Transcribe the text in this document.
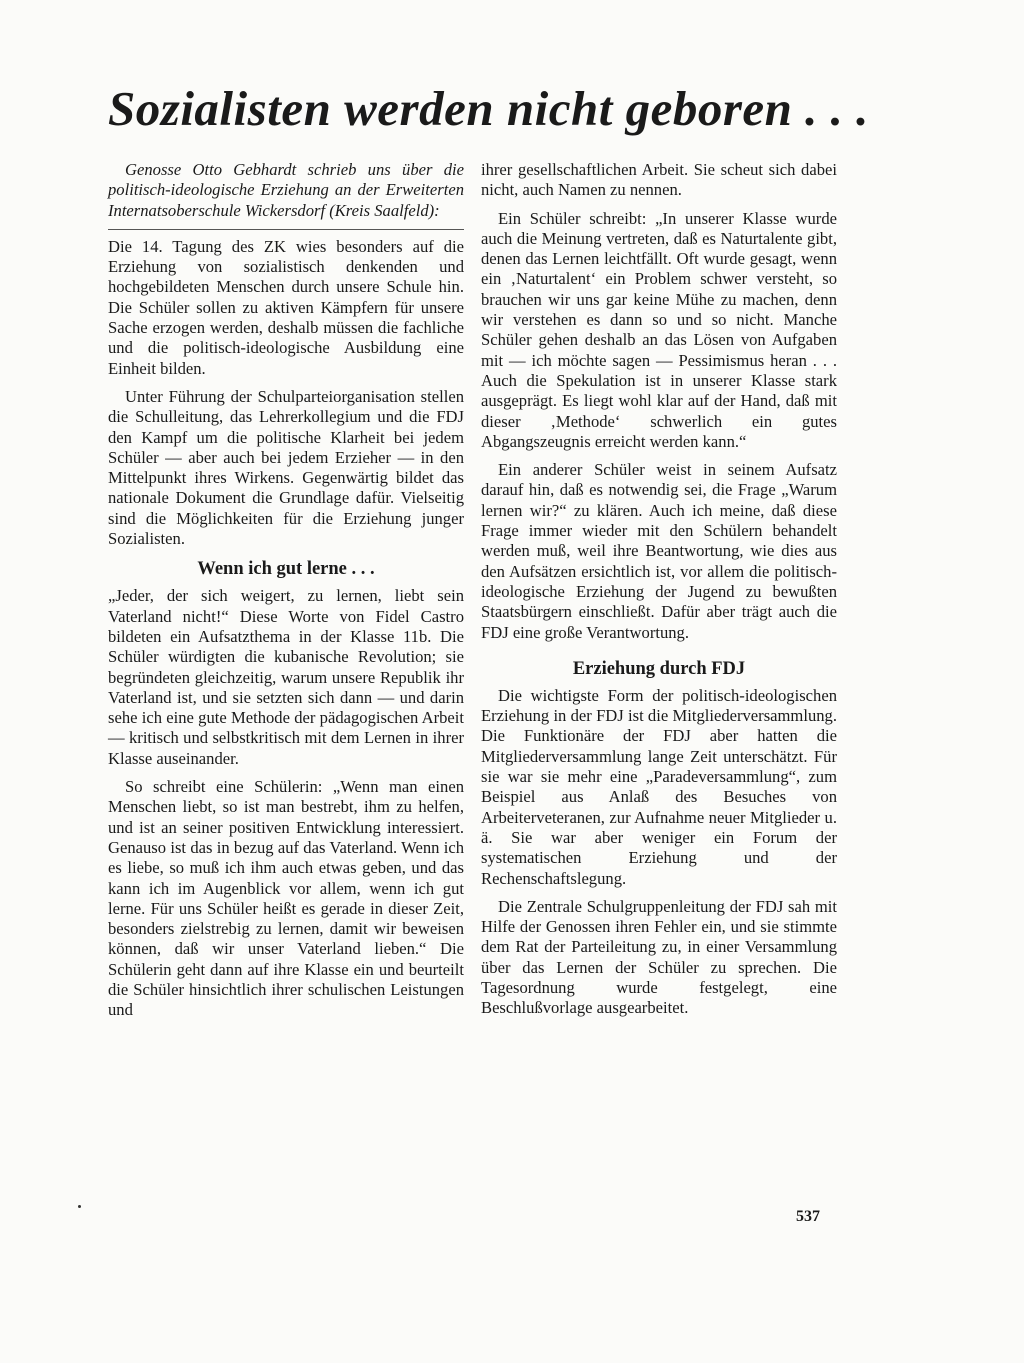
Sozialisten werden nicht geboren . . .

Genosse Otto Gebhardt schrieb uns über die politisch-ideologische Erziehung an der Erweiterten Internatsoberschule Wickersdorf (Kreis Saalfeld):

Die 14. Tagung des ZK wies besonders auf die Erziehung von sozialistisch denkenden und hochgebildeten Menschen durch unsere Schule hin. Die Schüler sollen zu aktiven Kämpfern für unsere Sache erzogen werden, deshalb müssen die fachliche und die politisch-ideologische Ausbildung eine Einheit bilden.

Unter Führung der Schulparteiorganisation stellen die Schulleitung, das Lehrerkollegium und die FDJ den Kampf um die politische Klarheit bei jedem Schüler — aber auch bei jedem Erzieher — in den Mittelpunkt ihres Wirkens. Gegenwärtig bildet das nationale Dokument die Grundlage dafür. Vielseitig sind die Möglichkeiten für die Erziehung junger Sozialisten.

Wenn ich gut lerne . . .

„Jeder, der sich weigert, zu lernen, liebt sein Vaterland nicht!“ Diese Worte von Fidel Castro bildeten ein Aufsatzthema in der Klasse 11b. Die Schüler würdigten die kubanische Revolution; sie begründeten gleichzeitig, warum unsere Republik ihr Vaterland ist, und sie setzten sich dann — und darin sehe ich eine gute Methode der pädagogischen Arbeit — kritisch und selbstkritisch mit dem Lernen in ihrer Klasse auseinander.

So schreibt eine Schülerin: „Wenn man einen Menschen liebt, so ist man bestrebt, ihm zu helfen, und ist an seiner positiven Entwicklung interessiert. Genauso ist das in bezug auf das Vaterland. Wenn ich es liebe, so muß ich ihm auch etwas geben, und das kann ich im Augenblick vor allem, wenn ich gut lerne. Für uns Schüler heißt es gerade in dieser Zeit, besonders zielstrebig zu lernen, damit wir beweisen können, daß wir unser Vaterland lieben.“ Die Schülerin geht dann auf ihre Klasse ein und beurteilt die Schüler hinsichtlich ihrer schulischen Leistungen und

ihrer gesellschaftlichen Arbeit. Sie scheut sich dabei nicht, auch Namen zu nennen.

Ein Schüler schreibt: „In unserer Klasse wurde auch die Meinung vertreten, daß es Naturtalente gibt, denen das Lernen leichtfällt. Oft wurde gesagt, wenn ein ‚Naturtalent‘ ein Problem schwer versteht, so brauchen wir uns gar keine Mühe zu machen, denn wir verstehen es dann so und so nicht. Manche Schüler gehen deshalb an das Lösen von Aufgaben mit — ich möchte sagen — Pessimismus heran . . . Auch die Spekulation ist in unserer Klasse stark ausgeprägt. Es liegt wohl klar auf der Hand, daß mit dieser ‚Methode‘ schwerlich ein gutes Abgangszeugnis erreicht werden kann.“

Ein anderer Schüler weist in seinem Aufsatz darauf hin, daß es notwendig sei, die Frage „Warum lernen wir?“ zu klären. Auch ich meine, daß diese Frage immer wieder mit den Schülern behandelt werden muß, weil ihre Beantwortung, wie dies aus den Aufsätzen ersichtlich ist, vor allem die politisch-ideologische Erziehung der Jugend zu bewußten Staatsbürgern einschließt. Dafür aber trägt auch die FDJ eine große Verantwortung.

Erziehung durch FDJ

Die wichtigste Form der politisch-ideologischen Erziehung in der FDJ ist die Mitgliederversammlung. Die Funktionäre der FDJ aber hatten die Mitgliederversammlung lange Zeit unterschätzt. Für sie war sie mehr eine „Paradeversammlung“, zum Beispiel aus Anlaß des Besuches von Arbeiterveteranen, zur Aufnahme neuer Mitglieder u. ä. Sie war aber weniger ein Forum der systematischen Erziehung und der Rechenschaftslegung.

Die Zentrale Schulgruppenleitung der FDJ sah mit Hilfe der Genossen ihren Fehler ein, und sie stimmte dem Rat der Parteileitung zu, in einer Versammlung über das Lernen der Schüler zu sprechen. Die Tagesordnung wurde festgelegt, eine Beschlußvorlage ausgearbeitet.

537
